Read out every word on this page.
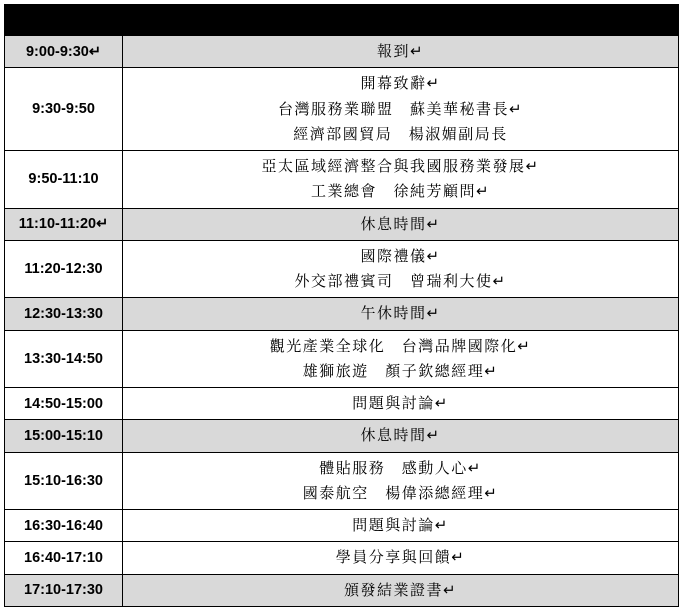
時　間↵	內　容↵
9:00-9:30↵	報到↵

9:30-9:50	開幕致辭↵
台灣服務業聯盟　蘇美華秘書長↵
經濟部國貿局　楊淑媚副局長

9:50-11:10	亞太區域經濟整合與我國服務業發展↵
工業總會　徐純芳顧問↵

11:10-11:20↵	休息時間↵

11:20-12:30	國際禮儀↵
外交部禮賓司　曾瑞利大使↵

12:30-13:30	午休時間↵

13:30-14:50	觀光產業全球化　台灣品牌國際化↵
雄獅旅遊　顏子欽總經理↵

14:50-15:00	問題與討論↵

15:00-15:10	休息時間↵

15:10-16:30	體貼服務　感動人心↵
國泰航空　楊偉添總經理↵

16:30-16:40	問題與討論↵

16:40-17:10	學員分享與回饋↵

17:10-17:30	頒發結業證書↵
